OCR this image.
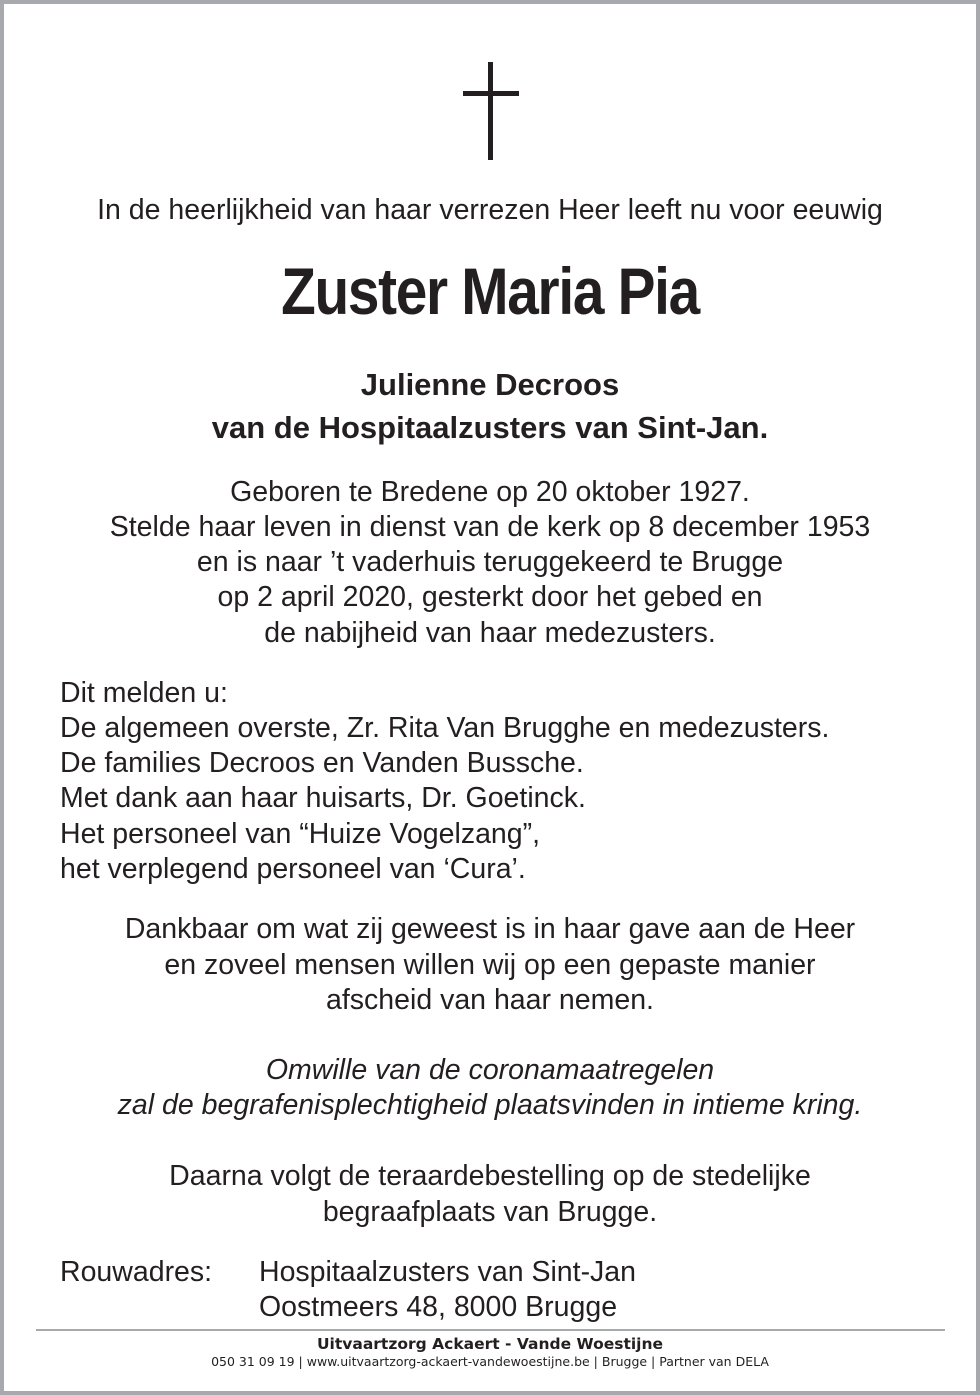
In de heerlijkheid van haar verrezen Heer leeft nu voor eeuwig
Zuster Maria Pia
Julienne Decroos
van de Hospitaalzusters van Sint-Jan.
Geboren te Bredene op 20 oktober 1927.
Stelde haar leven in dienst van de kerk op 8 december 1953
en is naar ’t vaderhuis teruggekeerd te Brugge
op 2 april 2020, gesterkt door het gebed en
de nabijheid van haar medezusters.
Dit melden u:
De algemeen overste, Zr. Rita Van Brugghe en medezusters.
De families Decroos en Vanden Bussche.
Met dank aan haar huisarts, Dr. Goetinck.
Het personeel van “Huize Vogelzang”,
het verplegend personeel van ‘Cura’.
Dankbaar om wat zij geweest is in haar gave aan de Heer
en zoveel mensen willen wij op een gepaste manier
afscheid van haar nemen.
Omwille van de coronamaatregelen
zal de begrafenisplechtigheid plaatsvinden in intieme kring.
Daarna volgt de teraardebestelling op de stedelijke
begraafplaats van Brugge.
Rouwadres: Hospitaalzusters van Sint-Jan
Oostmeers 48, 8000 Brugge
Uitvaartzorg Ackaert - Vande Woestijne
050 31 09 19 | www.uitvaartzorg-ackaert-vandewoestijne.be | Brugge | Partner van DELA
